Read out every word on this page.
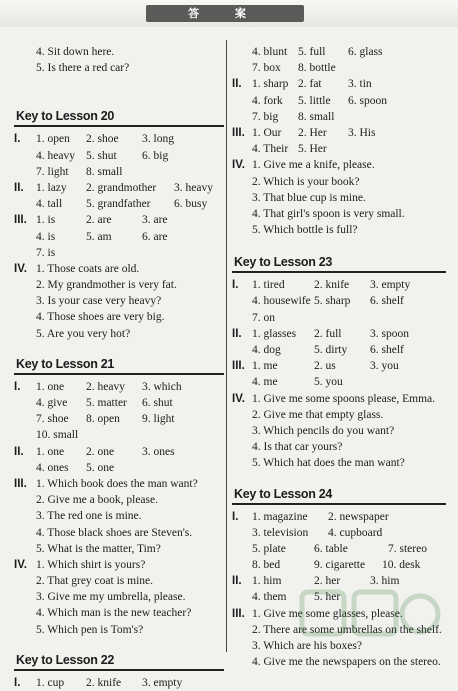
答 案
4. Sit down here.
5. Is there a red car?
Key to Lesson 20
I. 1. open 2. shoe 3. long
4. heavy 5. shut 6. big
7. light 8. small
II. 1. lazy 2. grandmother 3. heavy
4. tall 5. grandfather 6. busy
III. 1. is	2. are	3. are
4. is	5. am	6. are
7. is
IV. 1. Those coats are old.
2. My grandmother is very fat.
3. Is your case very heavy?
4. Those shoes are very big.
5. Are you very hot?
Key to Lesson 21
I. 1. one 2. heavy 3. which
4. give 5. matter 6. shut
7. shoe 8. open 9. light
10. small
II. 1. one 2. one 3. ones
4. ones 5. one
III. 1. Which book does the man want?
2. Give me a book, please.
3. The red one is mine.
4. Those black shoes are Steven's.
5. What is the matter, Tim?
IV. 1. Which shirt is yours?
2. That grey coat is mine.
3. Give me my umbrella, please.
4. Which man is the new teacher?
5. Which pen is Tom's?
Key to Lesson 22
I. 1. cup 2. knife 3. empty
4. blunt 5. full 6. glass
7. box 8. bottle
II. 1. sharp 2. fat 3. tin
4. fork 5. little 6. spoon
7. big 8. small
III. 1. Our 2. Her 3. His
4. Their 5. Her
IV. 1. Give me a knife, please.
2. Which is your book?
3. That blue cup is mine.
4. That girl's spoon is very small.
5. Which bottle is full?
Key to Lesson 23
I. 1. tired	2. knife 3. empty
4. housewife 5. sharp 6. shelf
7. on
II. 1. glasses 2. full 3. spoon
4. dog	5. dirty 6. shelf
III. 1. me	2. us	3. you
4. me	5. you
IV. 1. Give me some spoons please, Emma.
2. Give me that empty glass.
3. Which pencils do you want?
4. Is that car yours?
5. Which hat does the man want?
Key to Lesson 24
I. 1. magazine 2. newspaper
3. television 4. cupboard
5. plate 6. table	7. stereo
8. bed	9. cigarette 10. desk
II. 1. him	2. her	3. him
4. them 5. her
III. 1. Give me some glasses, please.
2. There are some umbrellas on the shelf.
3. Which are his boxes?
4. Give me the newspapers on the stereo.
